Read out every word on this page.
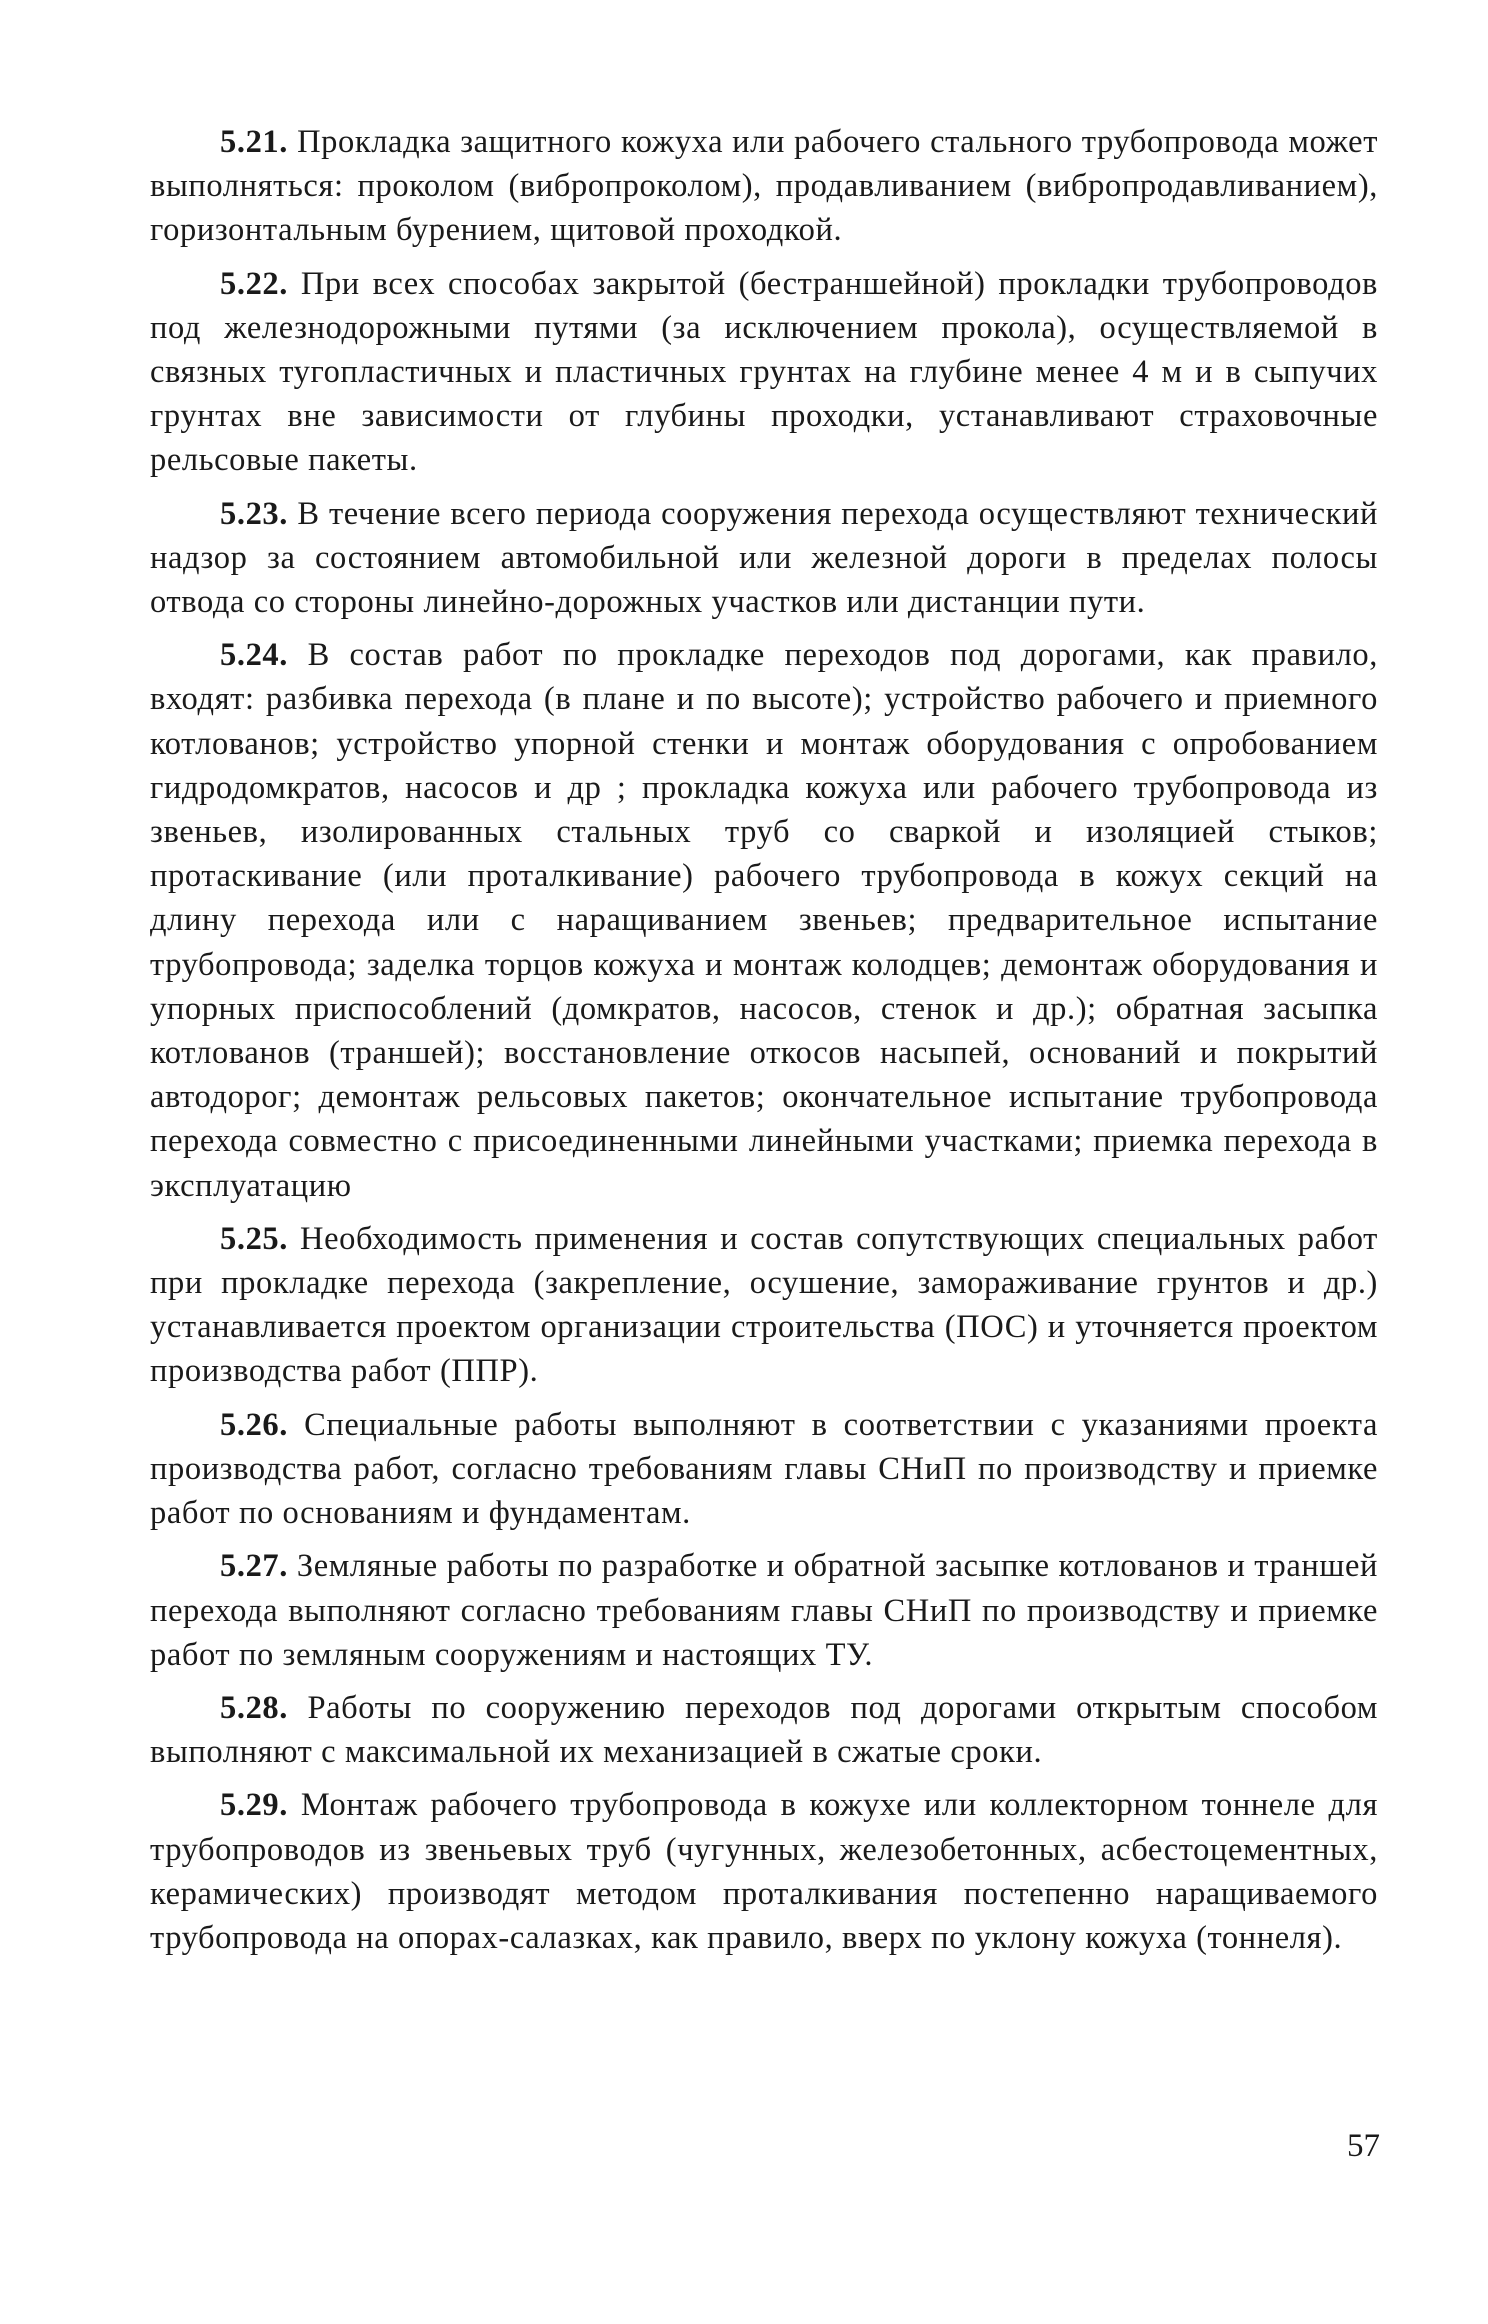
5.21. Прокладка защитного кожуха или рабочего стального трубопровода может выполняться: проколом (вибропроколом), продавливанием (вибропродавливанием), горизонтальным бурением, щитовой проходкой.

5.22. При всех способах закрытой (бестраншейной) прокладки трубопроводов под железнодорожными путями (за исключением прокола), осуществляемой в связных тугопластичных и пластичных грунтах на глубине менее 4 м и в сыпучих грунтах вне зависимости от глубины проходки, устанавливают страховочные рельсовые пакеты.

5.23. В течение всего периода сооружения перехода осуществляют технический надзор за состоянием автомобильной или железной дороги в пределах полосы отвода со стороны линейно-дорожных участков или дистанции пути.

5.24. В состав работ по прокладке переходов под дорогами, как правило, входят: разбивка перехода (в плане и по высоте); устройство рабочего и приемного котлованов; устройство упорной стенки и монтаж оборудования с опробованием гидродомкратов, насосов и др ; прокладка кожуха или рабочего трубопровода из звеньев, изолированных стальных труб со сваркой и изоляцией стыков; протаскивание (или проталкивание) рабочего трубопровода в кожух секций на длину перехода или с наращиванием звеньев; предварительное испытание трубопровода; заделка торцов кожуха и монтаж колодцев; демонтаж оборудования и упорных приспособлений (домкратов, насосов, стенок и др.); обратная засыпка котлованов (траншей); восстановление откосов насыпей, оснований и покрытий автодорог; демонтаж рельсовых пакетов; окончательное испытание трубопровода перехода совместно с присоединенными линейными участками; приемка перехода в эксплуатацию

5.25. Необходимость применения и состав сопутствующих специальных работ при прокладке перехода (закрепление, осушение, замораживание грунтов и др.) устанавливается проектом организации строительства (ПОС) и уточняется проектом производства работ (ППР).

5.26. Специальные работы выполняют в соответствии с указаниями проекта производства работ, согласно требованиям главы СНиП по производству и приемке работ по основаниям и фундаментам.

5.27. Земляные работы по разработке и обратной засыпке котлованов и траншей перехода выполняют согласно требованиям главы СНиП по производству и приемке работ по земляным сооружениям и настоящих ТУ.

5.28. Работы по сооружению переходов под дорогами открытым способом выполняют с максимальной их механизацией в сжатые сроки.

5.29. Монтаж рабочего трубопровода в кожухе или коллекторном тоннеле для трубопроводов из звеньевых труб (чугунных, железобетонных, асбестоцементных, керамических) производят методом проталкивания постепенно наращиваемого трубопровода на опорах-салазках, как правило, вверх по уклону кожуха (тоннеля).

57
